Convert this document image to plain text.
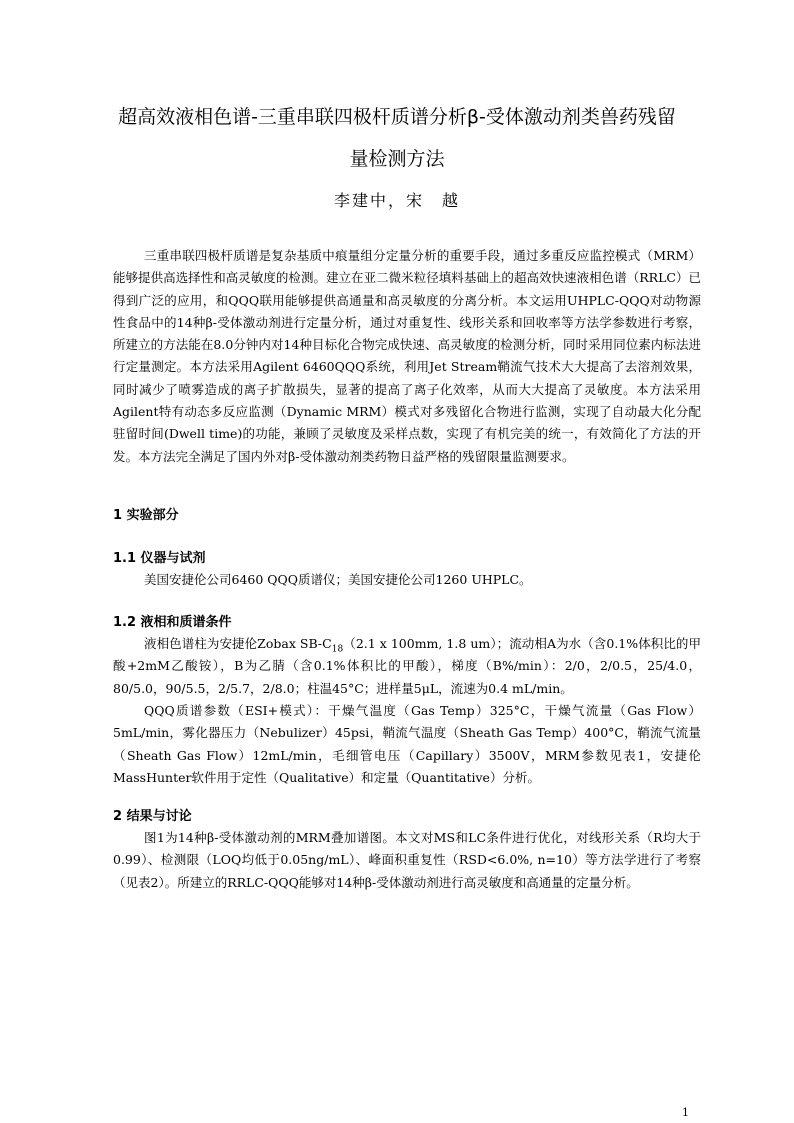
超高效液相色谱-三重串联四极杆质谱分析β-受体激动剂类兽药残留
量检测方法
李建中，宋　越

三重串联四极杆质谱是复杂基质中痕量组分定量分析的重要手段，通过多重反应监控模式（MRM）能够提供高选择性和高灵敏度的检测。建立在亚二微米粒径填料基础上的超高效快速液相色谱（RRLC）已得到广泛的应用，和QQQ联用能够提供高通量和高灵敏度的分离分析。本文运用UHPLC-QQQ对动物源性食品中的14种β-受体激动剂进行定量分析，通过对重复性、线形关系和回收率等方法学参数进行考察，所建立的方法能在8.0分钟内对14种目标化合物完成快速、高灵敏度的检测分析，同时采用同位素内标法进行定量测定。本方法采用Agilent 6460QQQ系统，利用Jet Stream鞘流气技术大大提高了去溶剂效果，同时减少了喷雾造成的离子扩散损失，显著的提高了离子化效率，从而大大提高了灵敏度。本方法采用Agilent特有动态多反应监测（Dynamic MRM）模式对多残留化合物进行监测，实现了自动最大化分配驻留时间(Dwell time)的功能，兼顾了灵敏度及采样点数，实现了有机完美的统一，有效简化了方法的开发。本方法完全满足了国内外对β-受体激动剂类药物日益严格的残留限量监测要求。

1 实验部分
1.1 仪器与试剂

美国安捷伦公司6460 QQQ质谱仪；美国安捷伦公司1260 UHPLC。

1.2 液相和质谱条件

液相色谱柱为安捷伦Zobax $SB-C_{18}(2.1$ x 100mm, 1.8 um）；流动相A为水（含0.1%体积比的甲酸+2mM乙酸铵），B为乙腈（含0.1%体积比的甲酸），梯度（B%/min）：2/0，2/0.5，25/4.0，80/5.0，90/5.5，2/5.7，2/8.0；柱温45°C；进样量5μL，流速为0.4 mL/min。

QQQ质谱参数（ESI+模式）：干燥气温度（Gas Temp）325°C，干燥气流量（Gas Flow）5mL/min，雾化器压力（Nebulizer）45psi，鞘流气温度（Sheath Gas Temp）400°C，鞘流气流量（Sheath Gas Flow）12mL/min，毛细管电压（Capillary）3500V，MRM参数见表1，安捷伦MassHunter软件用于定性（Qualitative）和定量（Quantitative）分析。

2 结果与讨论

图1为14种β-受体激动剂的MRM叠加谱图。本文对MS和LC条件进行优化，对线形关系（R均大于0.99）、检测限（LOQ均低于0.05ng/mL）、峰面积重复性（RSD<6.0%, n=10）等方法学进行了考察（见表2）。所建立的RRLC-QQQ能够对14种β-受体激动剂进行高灵敏度和高通量的定量分析。

1
